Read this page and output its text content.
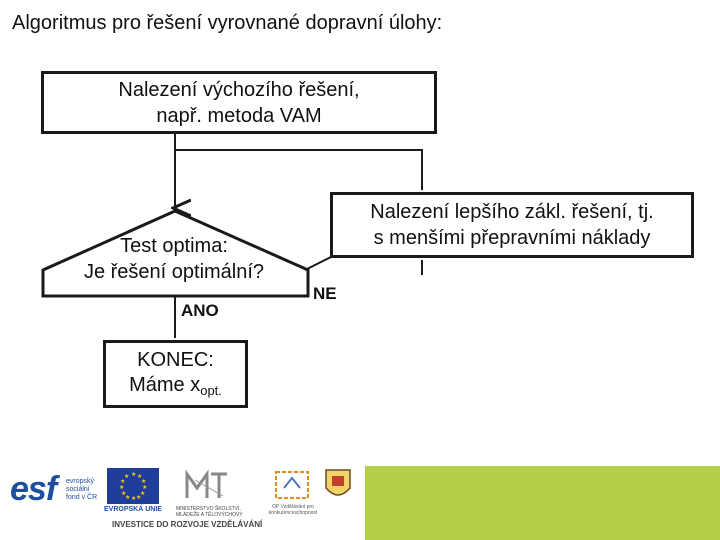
Algoritmus pro řešení vyrovnané dopravní úlohy:
Nalezení výchozího řešení,
např. metoda VAM
Nalezení lepšího zákl. řešení, tj.
s menšími přepravními náklady
Test optima:
Je řešení optimální?
ANO
NE
KONEC:
Máme $x_{opt.}$
esf evropský
sociální
fond v ČR
★ ★
★
★
★
★
★
★
★
★
★
★
EVROPSKÁ UNIE	MINISTERSTVO ŠKOLSTVÍ, MLÁDEŽE A TĚLOVÝCHOVY
OP Vzdělávání pro konkurenceschopnost
INVESTICE DO ROZVOJE VZDĚLÁVÁNÍ
